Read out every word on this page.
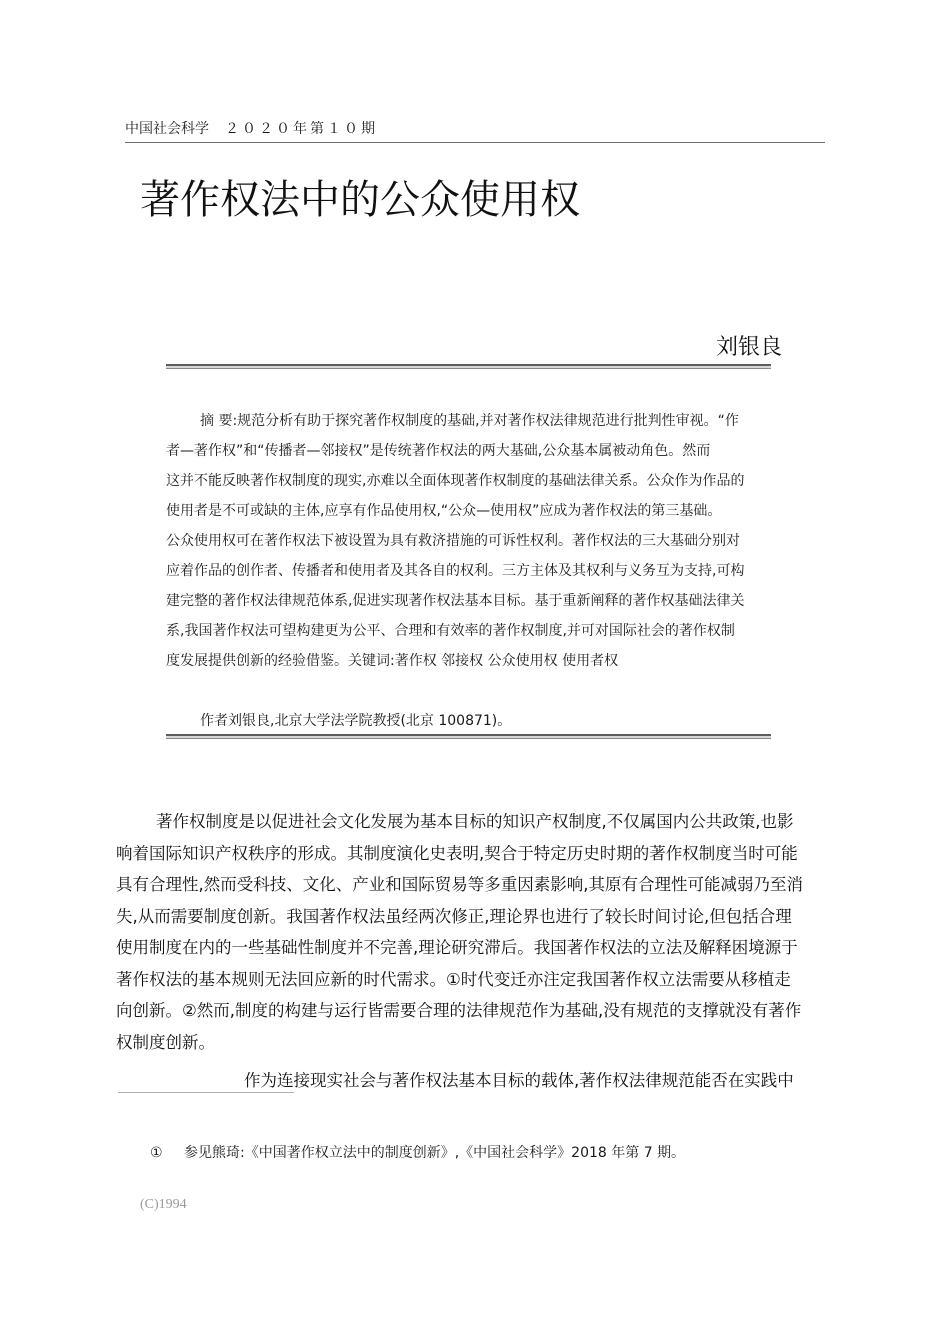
中国社会科学 ２０２０年第１０期
著作权法中的公众使用权
刘银良
摘 要:规范分析有助于探究著作权制度的基础,并对著作权法律规范进行批判性审视。“作
者—著作权”和“传播者—邻接权”是传统著作权法的两大基础,公众基本属被动角色。然而
这并不能反映著作权制度的现实,亦难以全面体现著作权制度的基础法律关系。公众作为作品的
使用者是不可或缺的主体,应享有作品使用权,“公众—使用权”应成为著作权法的第三基础。
公众使用权可在著作权法下被设置为具有救济措施的可诉性权利。著作权法的三大基础分别对
应着作品的创作者、传播者和使用者及其各自的权利。三方主体及其权利与义务互为支持,可构
建完整的著作权法律规范体系,促进实现著作权法基本目标。基于重新阐释的著作权基础法律关
系,我国著作权法可望构建更为公平、合理和有效率的著作权制度,并可对国际社会的著作权制
度发展提供创新的经验借鉴。关键词:著作权 邻接权 公众使用权 使用者权
作者刘银良,北京大学法学院教授(北京 100871)。
著作权制度是以促进社会文化发展为基本目标的知识产权制度,不仅属国内公共政策,也影
响着国际知识产权秩序的形成。其制度演化史表明,契合于特定历史时期的著作权制度当时可能
具有合理性,然而受科技、文化、产业和国际贸易等多重因素影响,其原有合理性可能减弱乃至消
失,从而需要制度创新。我国著作权法虽经两次修正,理论界也进行了较长时间讨论,但包括合理
使用制度在内的一些基础性制度并不完善,理论研究滞后。我国著作权法的立法及解释困境源于
著作权法的基本规则无法回应新的时代需求。①时代变迁亦注定我国著作权立法需要从移植走
向创新。②然而,制度的构建与运行皆需要合理的法律规范作为基础,没有规范的支撑就没有著作
权制度创新。
作为连接现实社会与著作权法基本目标的载体,著作权法律规范能否在实践中
① 参见熊琦:《中国著作权立法中的制度创新》,《中国社会科学》2018 年第 7 期。
(C)1994
